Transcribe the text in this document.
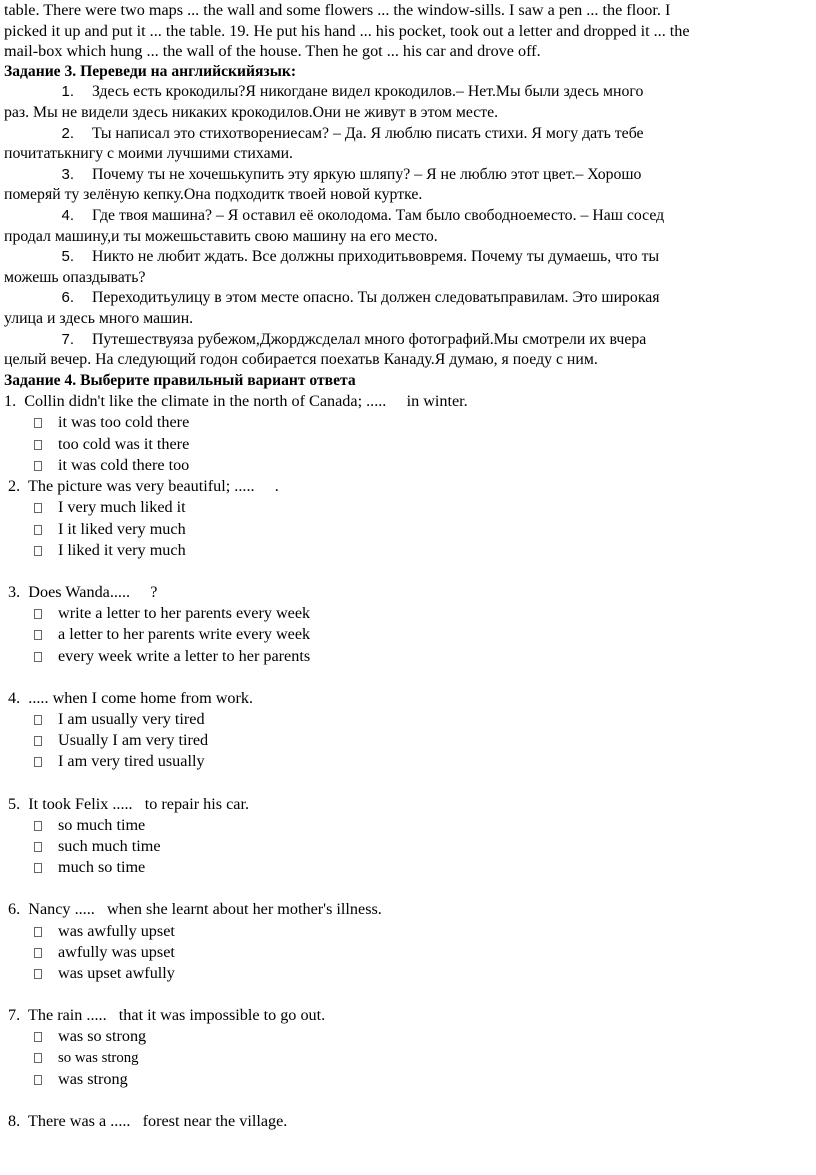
table. There were two maps ... the wall and some flowers ... the window-sills. I saw a pen ... the floor. I

picked it up and put it ... the table. 19. He put his hand ... his pocket, took out a letter and dropped it ... the

mail-box which hung ... the wall of the house. Then he got ... his car and drove off.

Задание 3. Переведи на английскийязык:

1. Здесь есть крокодилы?Я никогдане видел крокодилов.– Нет.Мы были здесь много

раз. Мы не видели здесь никаких крокодилов.Они не живут в этом месте.

2. Ты написал это стихотворениесам? – Да. Я люблю писать стихи. Я могу дать тебе

почитатькнигу с моими лучшими стихами.

3. Почему ты не хочешькупить эту яркую шляпу? – Я не люблю этот цвет.– Хорошо

померяй ту зелёную кепку.Она подходитк твоей новой куртке.

4. Где твоя машина? – Я оставил её околодома. Там было свободноеместо. – Наш сосед

продал машину,и ты можешьставить свою машину на его место.

5. Никто не любит ждать. Все должны приходитьвовремя. Почему ты думаешь, что ты

можешь опаздывать?

6. Переходитьулицу в этом месте опасно. Ты должен следоватьправилам. Это широкая

улица и здесь много машин.

7. Путешествуяза рубежом,Джорджсделал много фотографий.Мы смотрели их вчера

целый вечер. На следующий годон собирается поехатьв Канаду.Я думаю, я поеду с ним.

Задание 4. Выберите правильный вариант ответа

1.  Collin didn't like the climate in the north of Canada; .....     in winter.

it was too cold there

too cold was it there

it was cold there too

2.  The picture was very beautiful; .....     .

I very much liked it

I it liked very much

I liked it very much

3.  Does Wanda.....     ?

write a letter to her parents every week

a letter to her parents write every week

every week write a letter to her parents

4.  ..... when I come home from work.

I am usually very tired

Usually I am very tired

I am very tired usually

5.  It took Felix .....   to repair his car.

so much time

such much time

much so time

6.  Nancy .....   when she learnt about her mother's illness.

was awfully upset

awfully was upset

was upset awfully

7.  The rain .....   that it was impossible to go out.

was so strong

so was strong

was strong

8.  There was a .....   forest near the village.
